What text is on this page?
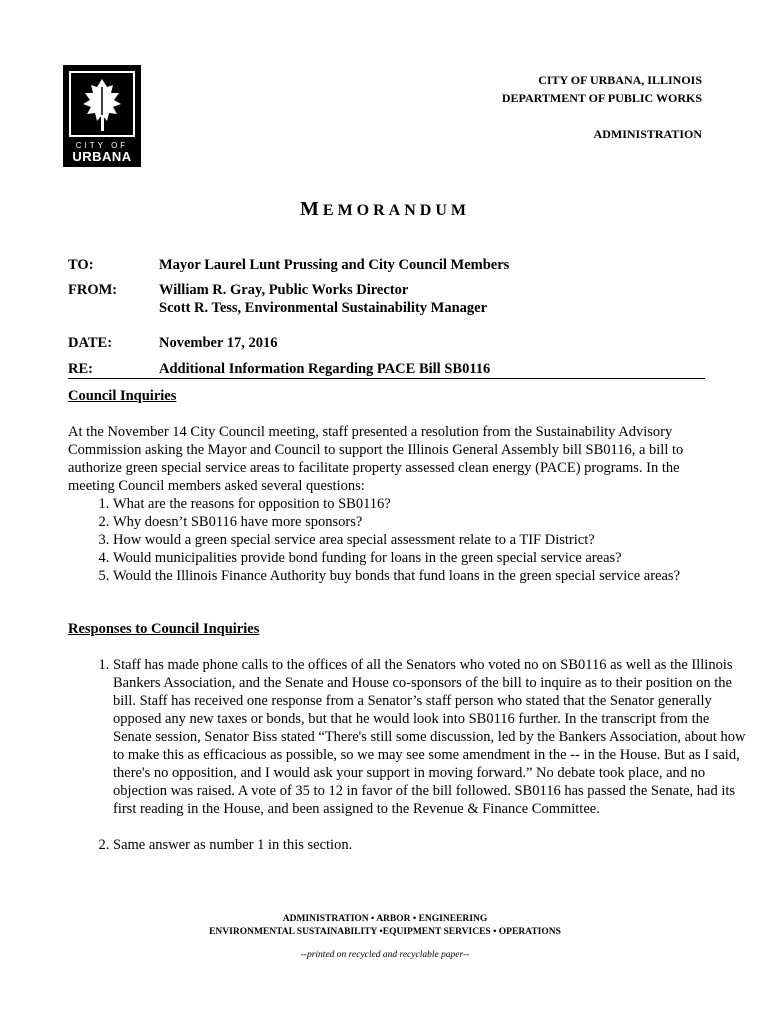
CITY OF
URBANA
CITY OF URBANA, ILLINOIS
DEPARTMENT OF PUBLIC WORKS
ADMINISTRATION
MEMORANDUM
TO:	Mayor Laurel Lunt Prussing and City Council Members
FROM:	William R. Gray, Public Works Director
Scott R. Tess, Environmental Sustainability Manager
DATE:	November 17, 2016
RE:	Additional Information Regarding PACE Bill SB0116
Council Inquiries

At the November 14 City Council meeting, staff presented a resolution from the Sustainability Advisory Commission asking the Mayor and Council to support the Illinois General Assembly bill SB0116, a bill to authorize green special service areas to facilitate property assessed clean energy (PACE) programs. In the meeting Council members asked several questions:

1. What are the reasons for opposition to SB0116?
2. Why doesn’t SB0116 have more sponsors?
3. How would a green special service area special assessment relate to a TIF District?
4. Would municipalities provide bond funding for loans in the green special service areas?
5. Would the Illinois Finance Authority buy bonds that fund loans in the green special service areas?
Responses to Council Inquiries
1. Staff has made phone calls to the offices of all the Senators who voted no on SB0116 as well as the Illinois Bankers Association, and the Senate and House co-sponsors of the bill to inquire as to their position on the bill. Staff has received one response from a Senator’s staff person who stated that the Senator generally opposed any new taxes or bonds, but that he would look into SB0116 further. In the transcript from the Senate session, Senator Biss stated “There's still some discussion, led by the Bankers Association, about how to make this as efficacious as possible, so we may see some amendment in the -- in the House. But as I said, there's no opposition, and I would ask your support in moving forward.” No debate took place, and no objection was raised. A vote of 35 to 12 in favor of the bill followed. SB0116 has passed the Senate, had its first reading in the House, and been assigned to the Revenue & Finance Committee.
2. Same answer as number 1 in this section.
ADMINISTRATION • ARBOR • ENGINEERING
ENVIRONMENTAL SUSTAINABILITY •EQUIPMENT SERVICES • OPERATIONS
--printed on recycled and recyclable paper--
